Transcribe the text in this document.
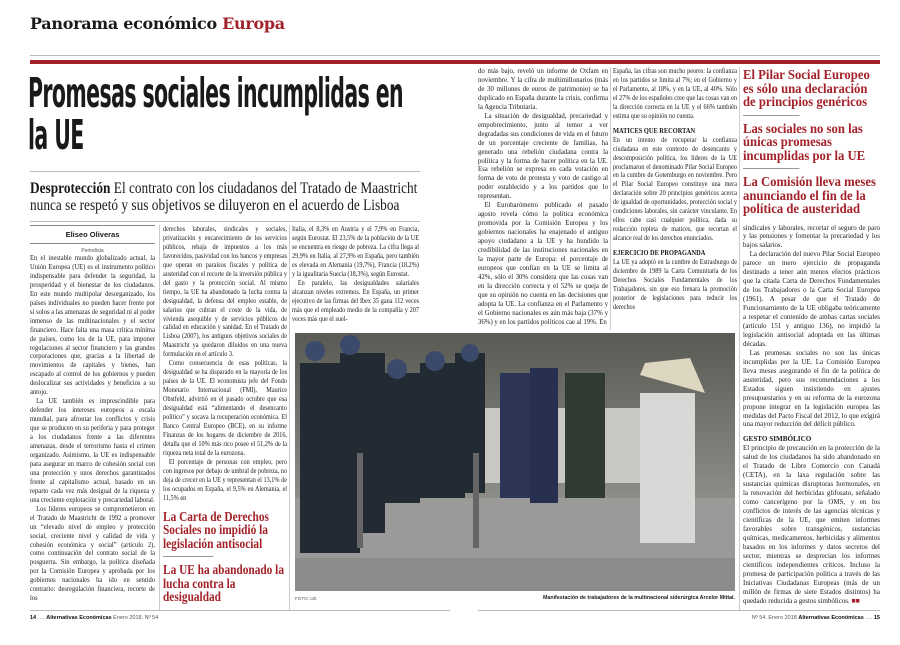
Panorama económico Europa
Promesas sociales incumplidas en la UE
Desprotección El contrato con los ciudadanos del Tratado de Maastricht nunca se respetó y sus objetivos se diluyeron en el acuerdo de Lisboa
Eliseo Oliveras
Periodista

En el inestable mundo globalizado actual, la Unión Europea (UE) es el instrumento político indispensable para defender la seguridad, la prosperidad y el bienestar de los ciudadanos. En este mundo multipolar desorganizado, los países individuales no pueden hacer frente por sí solos a las amenazas de seguridad ni al poder inmenso de las multinacionales y el sector financiero. Hace falta una masa crítica mínima de países, como los de la UE, para imponer regulaciones al sector financiero y las grandes corporaciones que, gracias a la libertad de movimientos de capitales y bienes, han escapado al control de los gobiernos y pueden deslocalizar sus actividades y beneficios a su antojo.

La UE también es imprescindible para defender los intereses europeos a escala mundial, para afrontar los conflictos y crisis que se producen en su periferia y para proteger a los ciudadanos frente a las diferentes amenazas, desde el terrorismo hasta el crimen organizado. Asimismo, la UE es indispensable para asegurar un marco de cohesión social con una protección y unos derechos garantizados frente al capitalismo actual, basado en un reparto cada vez más desigual de la riqueza y una creciente explotación y precariedad laboral.

Los líderes europeos se comprometieron en el Tratado de Maastricht de 1992 a promover un “elevado nivel de empleo y protección social, creciente nivel y calidad de vida y cohesión económica y social” (artículo 2), como continuación del contrato social de la posguerra. Sin embargo, la política diseñada por la Comisión Europea y aprobada por los gobiernos nacionales ha ido en sentido contrario: desregulación financiera, recorte de los

derechos laborales, sindicales y sociales, privatización y encarecimiento de los servicios públicos, rebaja de impuestos a los más favorecidos, pasividad con los bancos y empresas que operan en paraísos fiscales y política de austeridad con el recorte de la inversión pública y del gasto y la protección social. Al mismo tiempo, la UE ha abandonado la lucha contra la desigualdad, la defensa del empleo estable, de salarios que cubran el coste de la vida, de vivienda asequible y de servicios públicos de calidad en educación y sanidad. En el Tratado de Lisboa (2007), los antiguos objetivos sociales de Maastricht ya quedaron diluidos en una nueva formulación en el artículo 3.

Como consecuencia de esas políticas, la desigualdad se ha disparado en la mayoría de los países de la UE. El economista jefe del Fondo Monetario Internacional (FMI), Maurice Obstfeld, advirtió en el pasado octubre que esa desigualdad está “alimentando el desencanto político” y socava la recuperación económica. El Banco Central Europeo (BCE), en su informe Finanzas de los hogares de diciembre de 2016, detalla que el 10% más rico posee el 51,2% de la riqueza neta total de la eurozona.

El porcentaje de personas con empleo, pero con ingresos por debajo de umbral de pobreza, no deja de crecer en la UE y representan el 13,1% de los ocupados en España, el 9,5% en Alemania, el 11,5% en

La Carta de Derechos Sociales no impidió la legislación antisocial
La UE ha abandonado la lucha contra la desigualdad

Italia, el 8,3% en Austria y el 7,9% en Francia, según Eurostat. El 23,5% de la población de la UE se encuentra en riesgo de pobreza. La cifra llega al 29,9% en Italia, al 27,9% en España, pero también es elevada en Alemania (19,7%), Francia (18,2%) y la igualitaria Suecia (18,3%), según Eurostat.

En paralelo, las desigualdades salariales alcanzan niveles extremos. En España, un primer ejecutivo de las firmas del Ibex 35 gana 112 veces más que el empleado medio de la compañía y 207 veces más que el suel-

do más bajo, reveló un informe de Oxfam en noviembre. Y la cifra de multimillonarios (más de 30 millones de euros de patrimonio) se ha duplicado en España durante la crisis, confirma la Agencia Tributaria.

La situación de desigualdad, precariedad y empobrecimiento, junto al temor a ver degradadas sus condiciones de vida en el futuro de un porcentaje creciente de familias, ha generado una rebelión ciudadana contra la política y la forma de hacer política en la UE. Esa rebelión se expresa en cada votación en forma de voto de protesta y voto de castigo al poder establecido y a los partidos que lo representan.

El Eurobarómetro publicado el pasado agosto revela cómo la política económica promovida por la Comisión Europea y los gobiernos nacionales ha enajenado el antiguo apoyo ciudadano a la UE y ha hundido la credibilidad de las instituciones nacionales en la mayor parte de Europa: el porcentaje de europeos que confían en la UE se limita al 42%, sólo el 30% considera que las cosas van en la dirección correcta y el 52% se queja de que su opinión no cuenta en las decisiones que adopta la UE. La confianza en el Parlamento y el Gobierno nacionales es aún más baja (37% y 36%) y en los partidos políticos cae al 19%. En

España, las cifras son mucho peores: la confianza en los partidos se limita al 7%; en el Gobierno y el Parlamento, al 18%, y en la UE, al 40%. Sólo el 27% de los españoles cree que las cosas van en la dirección correcta en la UE y el 66% también estima que su opinión no cuenta.

MATICES QUE RECORTAN

En un intento de recuperar la confianza ciudadana en este contexto de desencanto y descomposición política, los líderes de la UE proclamaron el denominado Pilar Social Europeo en la cumbre de Gotemburgo en noviembre. Pero el Pilar Social Europeo constituye una mera declaración sobre 20 principios genéricos acerca de igualdad de oportunidades, protección social y condiciones laborales, sin carácter vinculante. En ellos cabe casi cualquier política, dada su redacción repleta de matices, que recortan el alcance real de los derechos enunciados.

EJERCICIO DE PROPAGANDA

La UE ya adoptó en la cumbre de Estrasburgo de diciembre de 1989 la Carta Comunitaria de los Derechos Sociales Fundamentales de los Trabajadores, sin que eso frenara la promoción posterior de legislaciones para reducir los derechos

El Pilar Social Europeo es sólo una declaración de principios genéricos
Las sociales no son las únicas promesas incumplidas por la UE
La Comisión lleva meses anunciando el fin de la política de austeridad

sindicales y laborales, recortar el seguro de paro y las pensiones y fomentar la precariedad y los bajos salarios.

La declaración del nuevo Pilar Social Europeo parece un mero ejercicio de propaganda destinado a tener aún menos efectos prácticos que la citada Carta de Derechos Fundamentales de los Trabajadores o la Carta Social Europea (1961). A pesar de que el Tratado de Funcionamiento de la UE obligaba teóricamente a respetar el contenido de ambas cartas sociales (artículo 151 y antiguo 136), no impidió la legislación antisocial adoptada en las últimas décadas.

Las promesas sociales no son las únicas incumplidas por la UE. La Comisión Europea lleva meses asegurando el fin de la política de austeridad, pero sus recomendaciones a los Estados siguen insistiendo en ajustes presupuestarios y en su reforma de la eurozona propone integrar en la legislación europea las medidas del Pacto Fiscal del 2012, lo que exigirá una mayor reducción del déficit público.

GESTO SIMBÓLICO

El principio de precaución en la protección de la salud de los ciudadanos ha sido abandonado en el Tratado de Libre Comercio con Canadá (CETA), en la laxa regulación sobre las sustancias químicas disruptoras hormonales, en la renovación del herbicidas glifosato, señalado como cancerígeno por la OMS, y en los conflictos de interés de las agencias técnicas y científicas de la UE, que emiten informes favorables sobre transgénicos, sustancias químicas, medicamentos, herbicidas y alimentos basados en los informes y datos secretos del sector, mientras se desprecian los informes científicos independientes críticos. Incluso la promesa de participación política a través de las Iniciativas Ciudadanas Europeas (más de un millón de firmas de siete Estados distintos) ha quedado reducida a gestos simbólicos. ■■

FOTO: UE	Manifestación de trabajadores de la multinacional siderúrgica Arcelor Mittal.
14 …. Alternativas Económicas Enero 2018. Nº 54	Nº 54. Enero 2018 Alternativas Económicas …. 15
